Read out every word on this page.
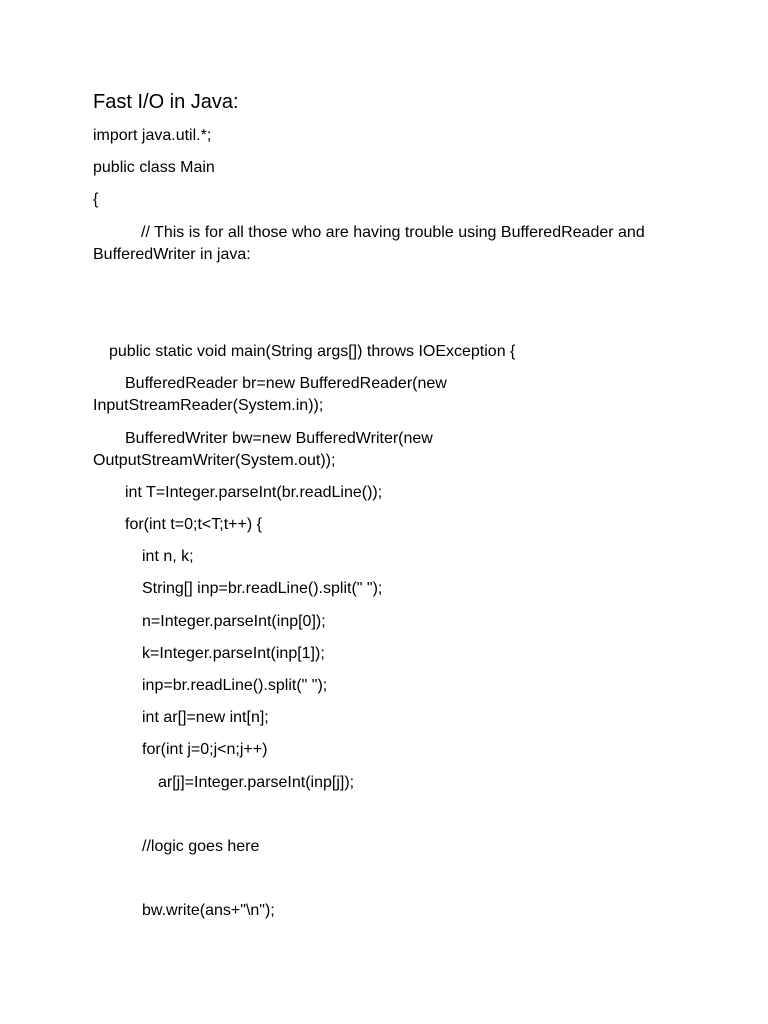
Fast I/O in Java:

import java.util.*;

public class Main

{

// This is for all those who are having trouble using BufferedReader and
BufferedWriter in java:

public static void main(String args[]) throws IOException {

BufferedReader br=new BufferedReader(new
InputStreamReader(System.in));
BufferedWriter bw=new BufferedWriter(new
OutputStreamWriter(System.out));

int T=Integer.parseInt(br.readLine());

for(int t=0;t<T;t++) {

int n, k;

String[] inp=br.readLine().split(" ");

n=Integer.parseInt(inp[0]);

k=Integer.parseInt(inp[1]);

inp=br.readLine().split(" ");

int ar[]=new int[n];

for(int j=0;j<n;j++)

ar[j]=Integer.parseInt(inp[j]);

//logic goes here

bw.write(ans+"\n");
